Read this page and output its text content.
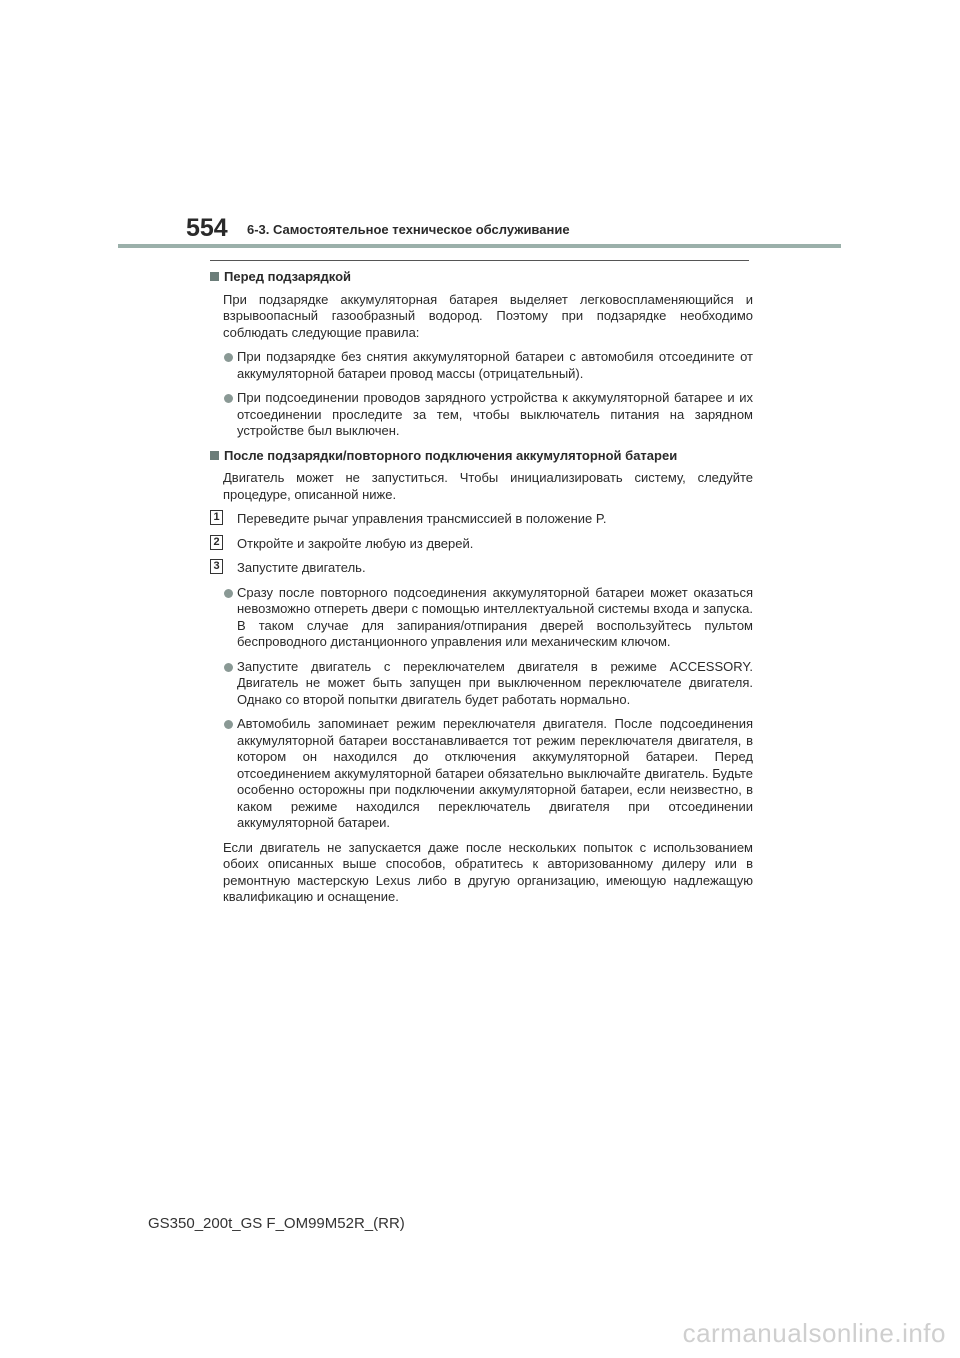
554 6-3. Самостоятельное техническое обслуживание
Перед подзарядкой
При подзарядке аккумуляторная батарея выделяет легковоспламеняющийся и взрывоопасный газообразный водород. Поэтому при подзарядке необходимо соблюдать следующие правила:
При подзарядке без снятия аккумуляторной батареи с автомобиля отсоедините от аккумуляторной батареи провод массы (отрицательный).
При подсоединении проводов зарядного устройства к аккумуляторной батарее и их отсоединении проследите за тем, чтобы выключатель питания на зарядном устройстве был выключен.
После подзарядки/повторного подключения аккумуляторной батареи
Двигатель может не запуститься. Чтобы инициализировать систему, следуйте процедуре, описанной ниже.
1 Переведите рычаг управления трансмиссией в положение P.
2 Откройте и закройте любую из дверей.
3 Запустите двигатель.
Сразу после повторного подсоединения аккумуляторной батареи может оказаться невозможно отпереть двери с помощью интеллектуальной системы входа и запуска. В таком случае для запирания/отпирания дверей воспользуйтесь пультом беспроводного дистанционного управления или механическим ключом.
Запустите двигатель с переключателем двигателя в режиме ACCESSORY. Двигатель не может быть запущен при выключенном переключателе двигателя. Однако со второй попытки двигатель будет работать нормально.
Автомобиль запоминает режим переключателя двигателя. После подсоединения аккумуляторной батареи восстанавливается тот режим переключателя двигателя, в котором он находился до отключения аккумуляторной батареи. Перед отсоединением аккумуляторной батареи обязательно выключайте двигатель. Будьте особенно осторожны при подключении аккумуляторной батареи, если неизвестно, в каком режиме находился переключатель двигателя при отсоединении аккумуляторной батареи.
Если двигатель не запускается даже после нескольких попыток с использованием обоих описанных выше способов, обратитесь к авторизованному дилеру или в ремонтную мастерскую Lexus либо в другую организацию, имеющую надлежащую квалификацию и оснащение.
GS350_200t_GS F_OM99M52R_(RR)
carmanualsonline.info
